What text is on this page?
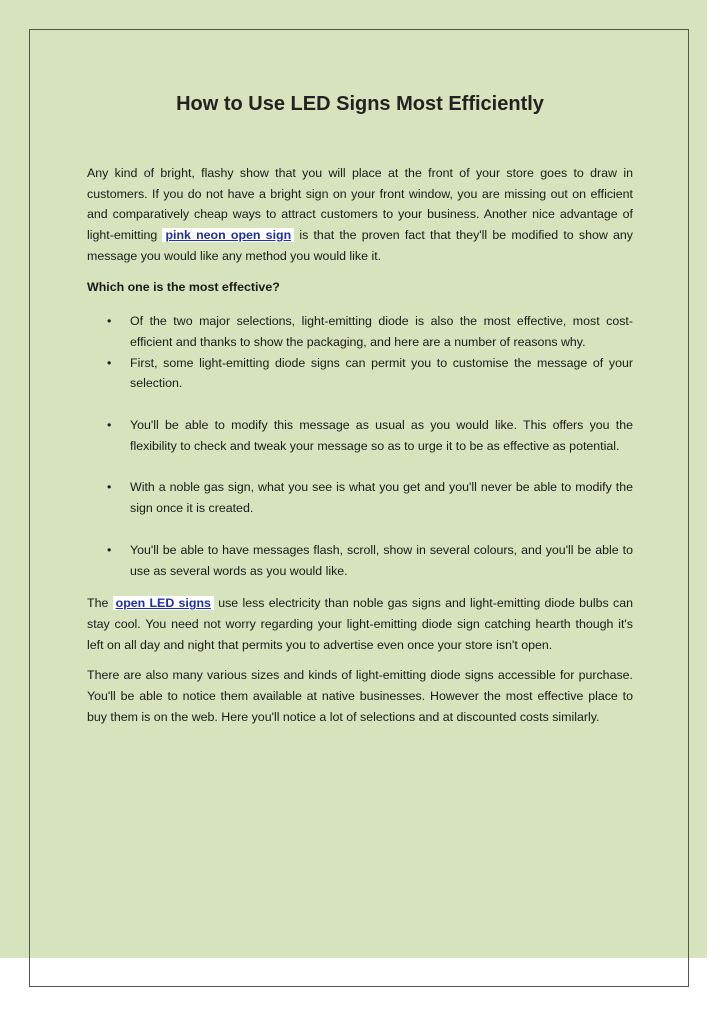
How to Use LED Signs Most Efficiently

Any kind of bright, flashy show that you will place at the front of your store goes to draw in customers. If you do not have a bright sign on your front window, you are missing out on efficient and comparatively cheap ways to attract customers to your business. Another nice advantage of light-emitting pink neon open sign is that the proven fact that they'll be modified to show any message you would like any method you would like it.

Which one is the most effective?

• Of the two major selections, light-emitting diode is also the most effective, most cost-efficient and thanks to show the packaging, and here are a number of reasons why.
• First, some light-emitting diode signs can permit you to customise the message of your selection.
• You'll be able to modify this message as usual as you would like. This offers you the flexibility to check and tweak your message so as to urge it to be as effective as potential.
• With a noble gas sign, what you see is what you get and you'll never be able to modify the sign once it is created.
• You'll be able to have messages flash, scroll, show in several colours, and you'll be able to use as several words as you would like.

The open LED signs use less electricity than noble gas signs and light-emitting diode bulbs can stay cool. You need not worry regarding your light-emitting diode sign catching hearth though it's left on all day and night that permits you to advertise even once your store isn't open.

There are also many various sizes and kinds of light-emitting diode signs accessible for purchase. You'll be able to notice them available at native businesses. However the most effective place to buy them is on the web. Here you'll notice a lot of selections and at discounted costs similarly.
